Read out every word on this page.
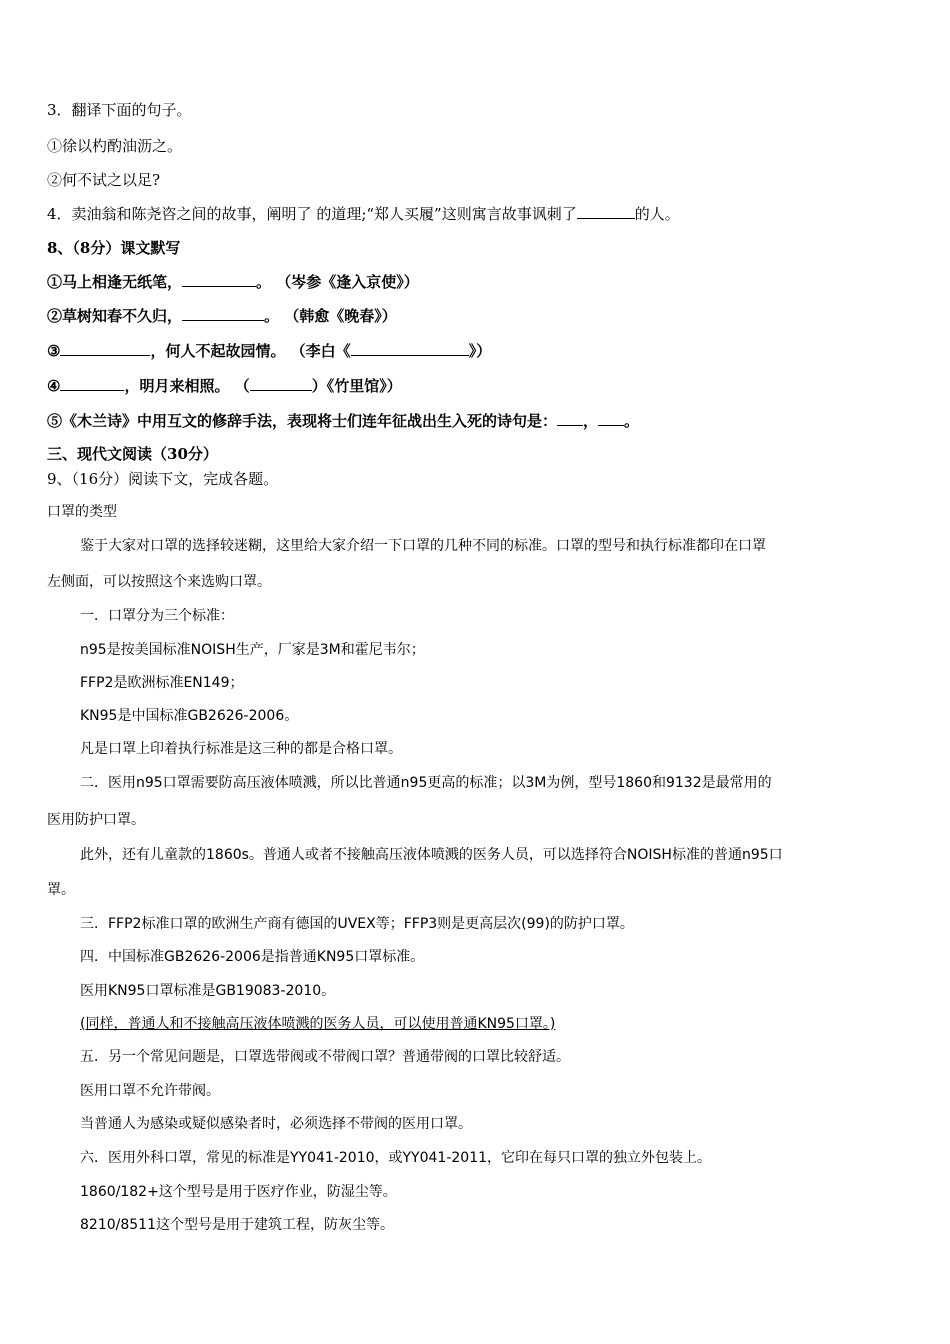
3．翻译下面的句子。
①徐以杓酌油沥之。
②何不试之以足?
4．卖油翁和陈尧咨之间的故事，阐明了 的道理;“郑人买履”这则寓言故事讽刺了	的人。
8、（8分）课文默写
①马上相逢无纸笔，	。 （岑参《逢入京使》）
②草树知春不久归，	。 （韩愈《晚春》）
③	，何人不起故园情。 （李白《	》）
④	，明月来相照。 （	）《竹里馆》）
⑤《木兰诗》中用互文的修辞手法，表现将士们连年征战出生入死的诗句是： ， 。
三、现代文阅读（30分）
9、（16分）阅读下文，完成各题。
口罩的类型
鉴于大家对口罩的选择较迷糊，这里给大家介绍一下口罩的几种不同的标准。口罩的型号和执行标准都印在口罩
左侧面，可以按照这个来选购口罩。
一．口罩分为三个标准：
n95是按美国标准NOISH生产，厂家是3M和霍尼韦尔；
FFP2是欧洲标准EN149；
KN95是中国标准GB2626-2006。
凡是口罩上印着执行标准是这三种的都是合格口罩。
二．医用n95口罩需要防高压液体喷溅，所以比普通n95更高的标准；以3M为例，型号1860和9132是最常用的
医用防护口罩。
此外，还有儿童款的1860s。普通人或者不接触高压液体喷溅的医务人员，可以选择符合NOISH标准的普通n95口
罩。
三．FFP2标准口罩的欧洲生产商有德国的UVEX等；FFP3则是更高层次(99)的防护口罩。
四．中国标准GB2626-2006是指普通KN95口罩标准。
医用KN95口罩标准是GB19083-2010。
(同样，普通人和不接触高压液体喷溅的医务人员，可以使用普通KN95口罩。)
五．另一个常见问题是，口罩选带阀或不带阀口罩？普通带阀的口罩比较舒适。
医用口罩不允许带阀。
当普通人为感染或疑似感染者时，必须选择不带阀的医用口罩。
六．医用外科口罩，常见的标准是YY041-2010，或YY041-2011，它印在每只口罩的独立外包装上。
1860/182+这个型号是用于医疗作业，防湿尘等。
8210/8511这个型号是用于建筑工程，防灰尘等。
